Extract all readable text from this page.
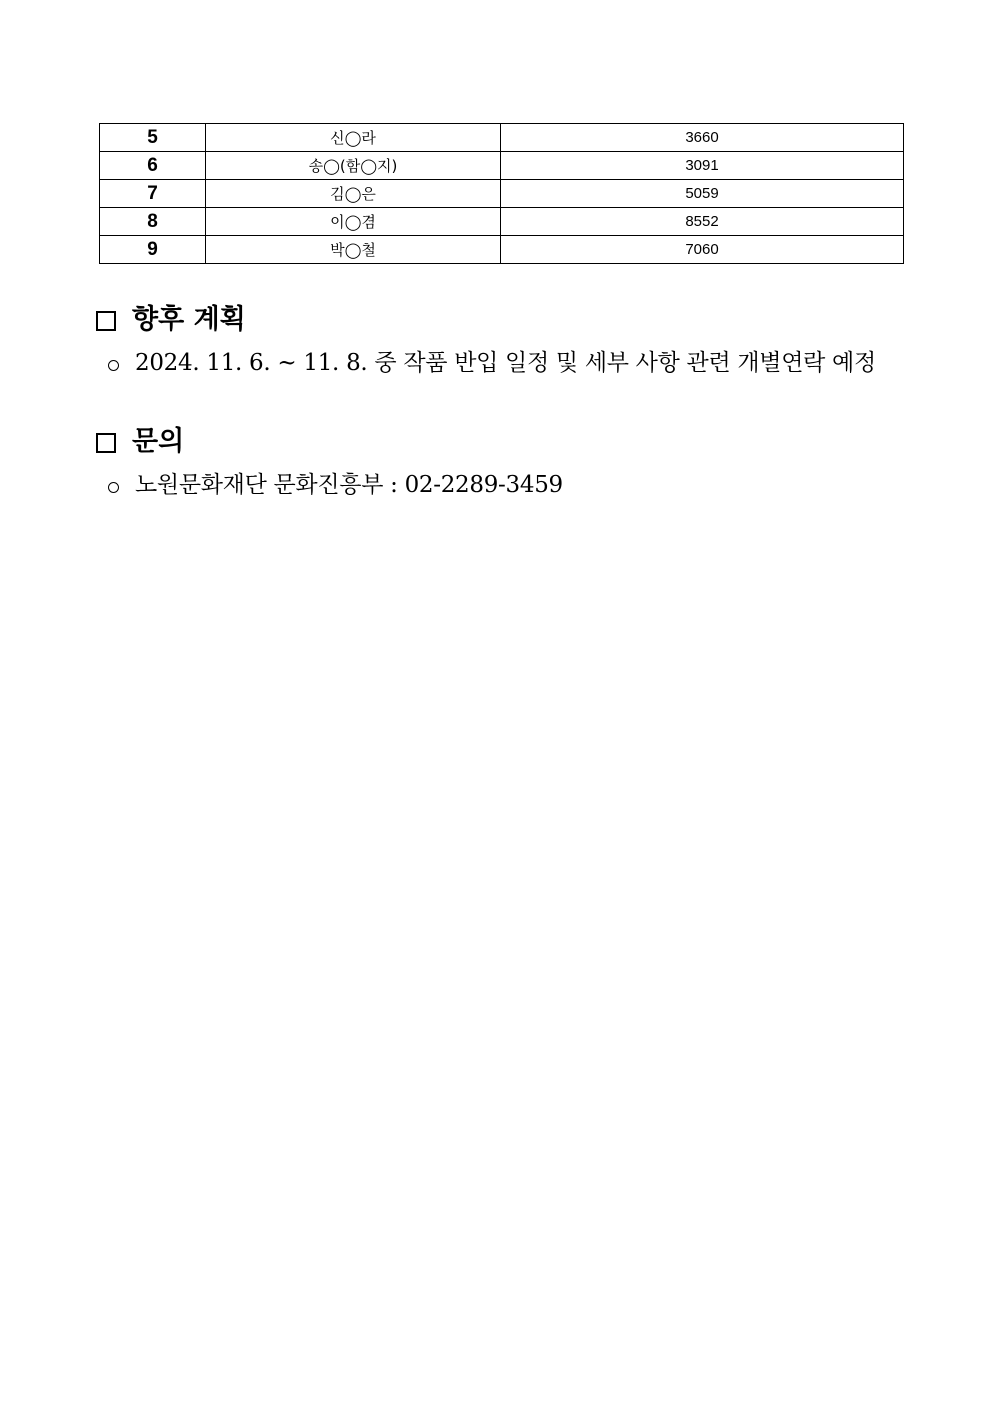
5	신◯라	3660
6	송◯(함◯지)	3091
7	김◯은	5059
8	이◯겸	8552
9	박◯철	7060
향후 계획

2024. 11. 6. ~ 11. 8. 중 작품 반입 일정 및 세부 사항 관련 개별연락 예정

문의

노원문화재단 문화진흥부 : 02-2289-3459
